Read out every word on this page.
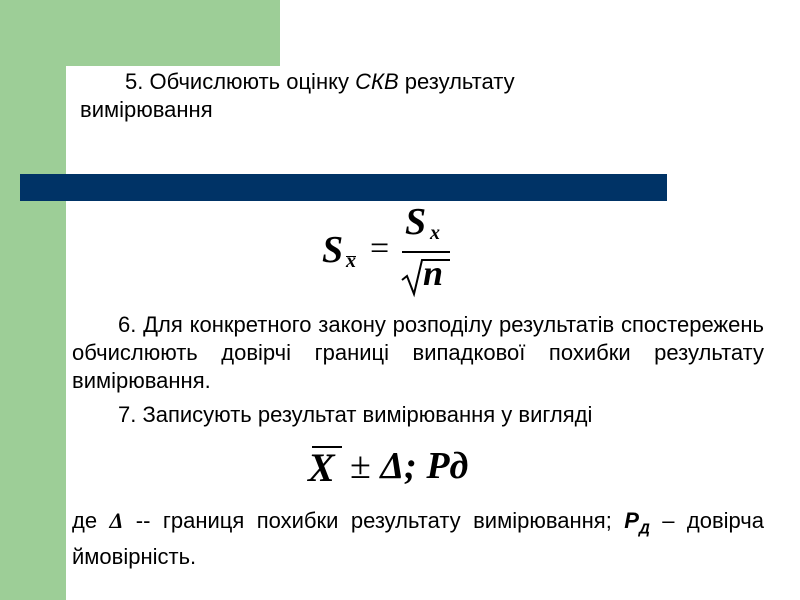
5. Обчислюють оцінку СКВ результату
вимірювання
S x =
S x
n
6. Для конкретного закону розподілу результатів спостережень обчислюють довірчі границі випадкової похибки результату вимірювання.
7. Записують результат вимірювання у вигляді
X ± Δ; Pд
де Δ -- границя похибки результату вимірювання; $Р_Д$ – довірча ймовірність.
